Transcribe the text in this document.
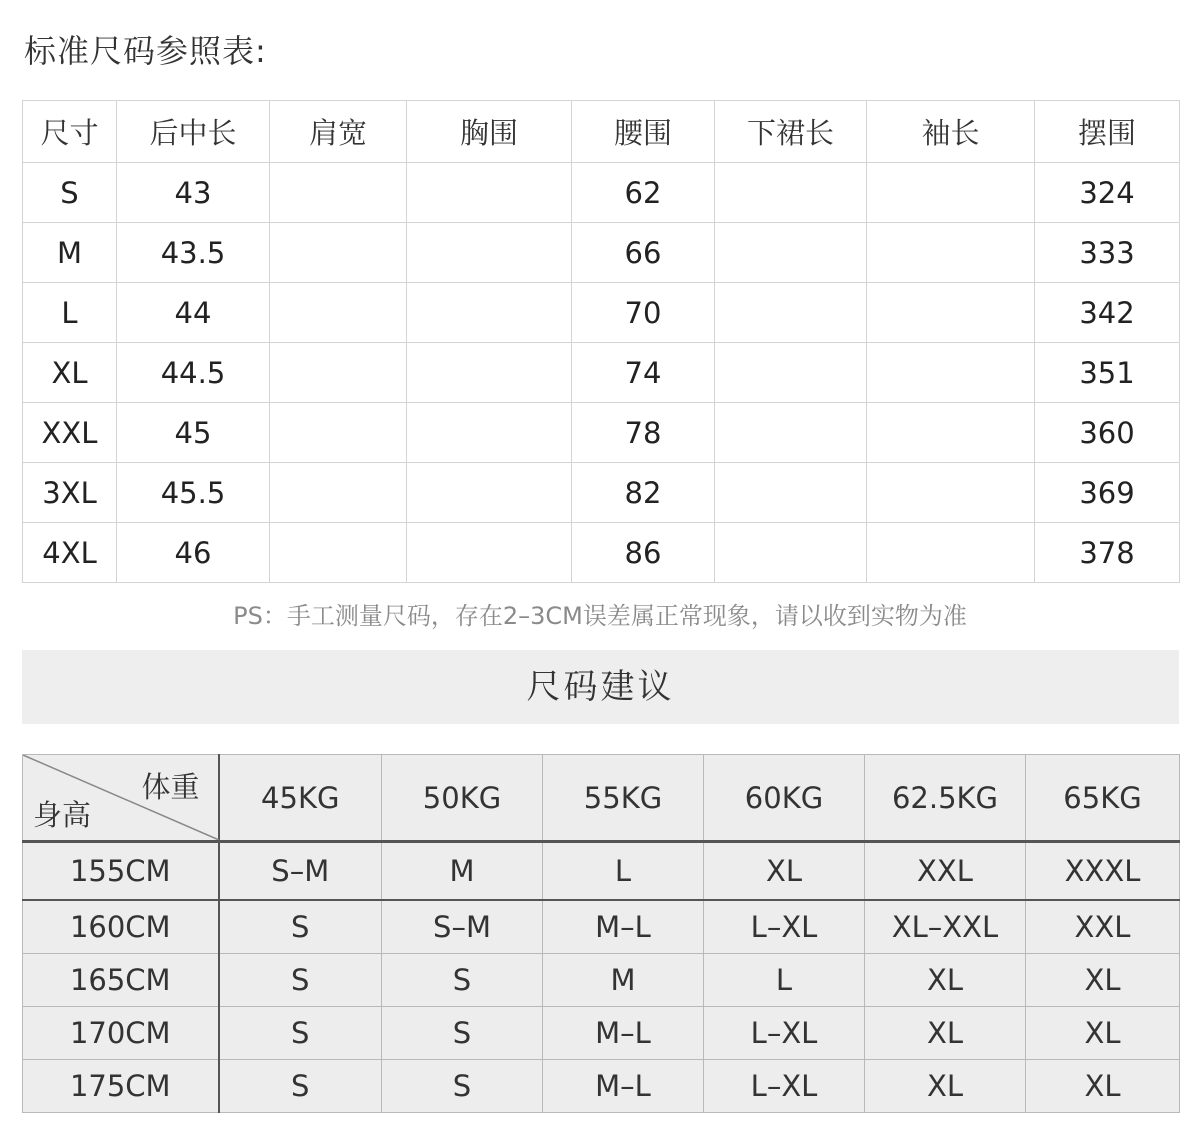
标准尺码参照表:
尺寸	后中长	肩宽	胸围	腰围	下裙长	袖长	摆围
S	43			62			324
M	43.5			66			333
L	44			70			342
XL	44.5			74			351
XXL	45			78			360
3XL	45.5			82			369
4XL	46			86			378
PS：手工测量尺码，存在2–3CM误差属正常现象，请以收到实物为准
尺码建议
体重
身高	45KG	50KG	55KG	60KG	62.5KG	65KG
155CM	S–M	M	L	XL	XXL	XXXL
160CM	S	S–M	M–L	L–XL	XL–XXL	XXL
165CM	S	S	M	L	XL	XL
170CM	S	S	M–L	L–XL	XL	XL
175CM	S	S	M–L	L–XL	XL	XL
